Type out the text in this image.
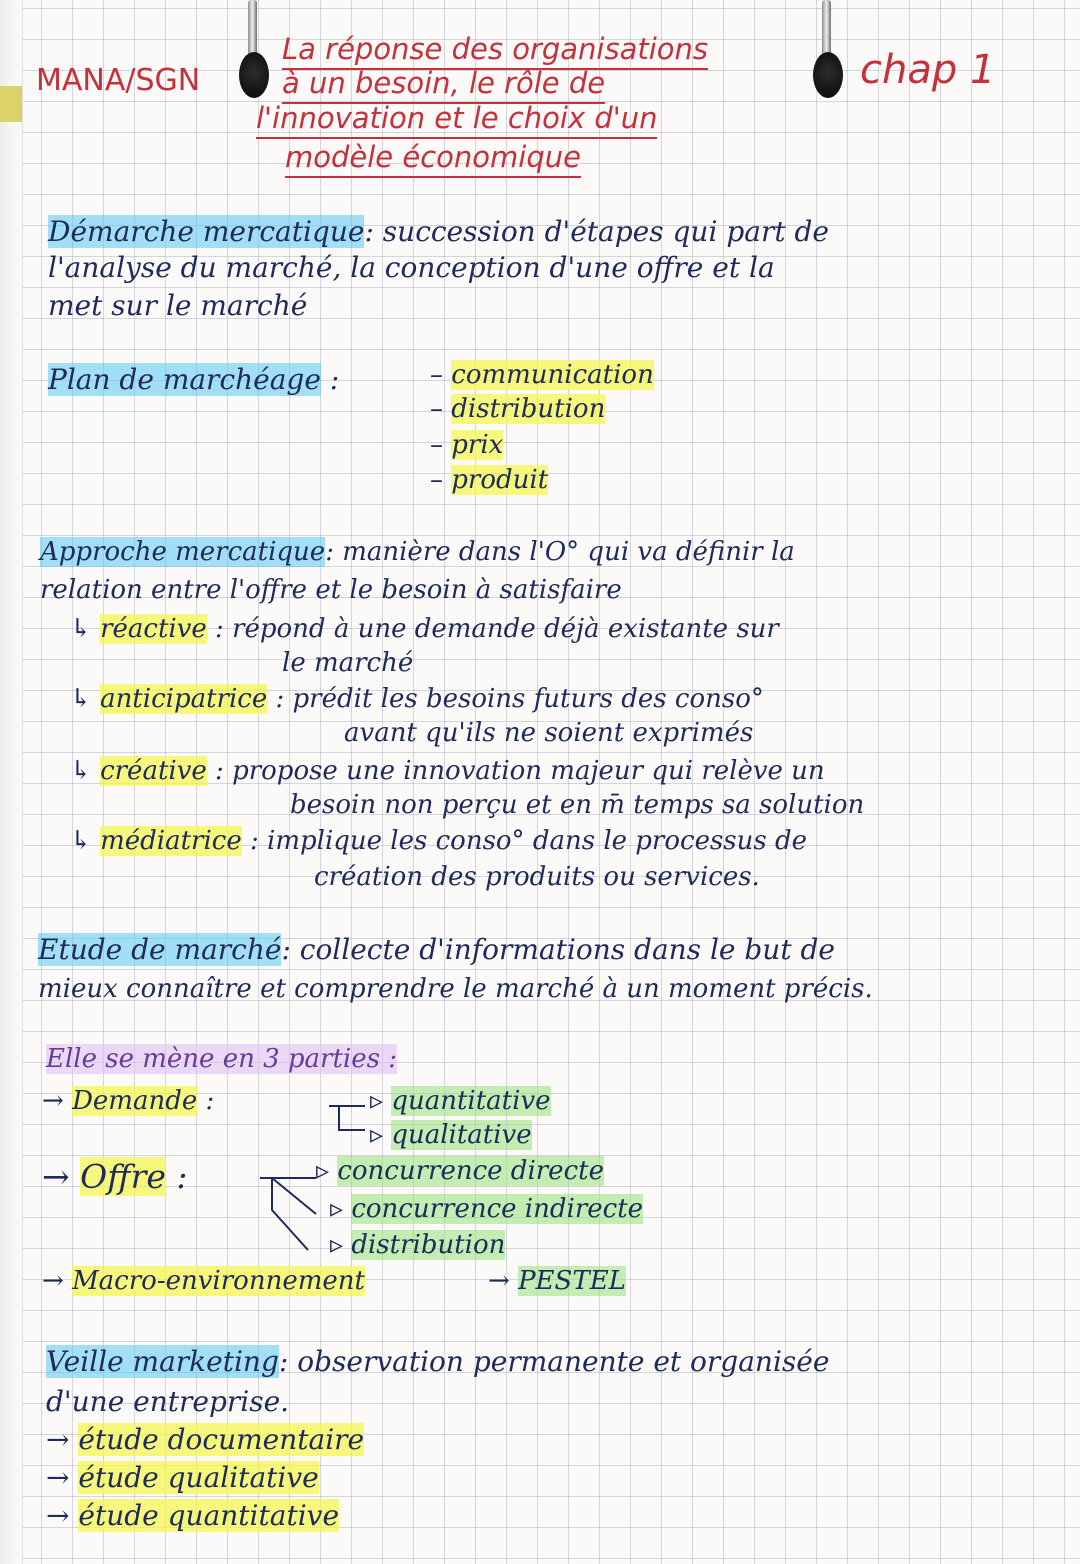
MANA/SGN	chap 1
La réponse des organisations
à un besoin, le rôle de
l'innovation et le choix d'un
modèle économique
Démarche mercatique: succession d'étapes qui part de
l'analyse du marché, la conception d'une offre et la
met sur le marché
Plan de marchéage :	– communication
– distribution
– prix
– produit
Approche mercatique: manière dans l'O° qui va définir la
relation entre l'offre et le besoin à satisfaire
↳ réactive : répond à une demande déjà existante sur
le marché
↳ anticipatrice : prédit les besoins futurs des conso°
avant qu'ils ne soient exprimés
↳ créative : propose une innovation majeur qui relève un
besoin non perçu et en m̄ temps sa solution
↳ médiatrice : implique les conso° dans le processus de
création des produits ou services.
Etude de marché: collecte d'informations dans le but de
mieux connaître et comprendre le marché à un moment précis.
Elle se mène en 3 parties :
→ Demande :	▹ quantitative
▹ qualitative
→ Offre :	▹ concurrence directe
▹ concurrence indirecte
▹ distribution
→ Macro-environnement	→ PESTEL
Veille marketing: observation permanente et organisée
d'une entreprise.
→ étude documentaire
→ étude qualitative
→ étude quantitative
